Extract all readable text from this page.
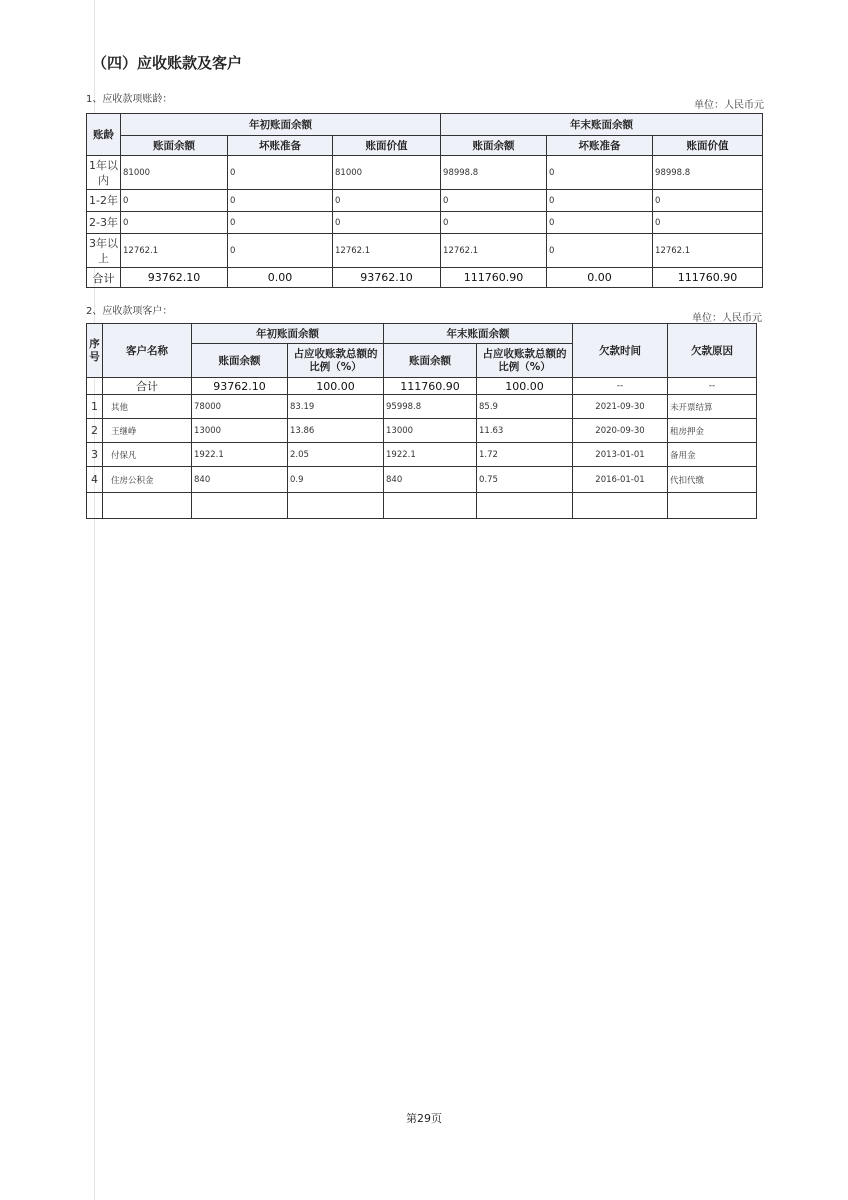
（四）应收账款及客户
1、应收款项账龄：
单位：人民币元
账龄	年初账面余额			年末账面余额		
	账面余额	坏账准备	账面价值	账面余额	坏账准备	账面价值
1年以内	81000	0	81000	98998.8	0	98998.8
1-2年	0	0	0	0	0	0
2-3年	0	0	0	0	0	0
3年以上	12762.1	0	12762.1	12762.1	0	12762.1
合计	93762.10	0.00	93762.10	111760.90	0.00	111760.90
2、应收款项客户：
单位：人民币元
序号	客户名称	年初账面余额		年末账面余额		欠款时间	欠款原因
		账面余额	占应收账款总额的比例（%）	账面余额	占应收账款总额的比例（%）		
	合计	93762.10	100.00	111760.90	100.00	--	--
1	其他	78000	83.19	95998.8	85.9	2021-09-30	未开票结算
2	王继峥	13000	13.86	13000	11.63	2020-09-30	租房押金
3	付保凡	1922.1	2.05	1922.1	1.72	2013-01-01	备用金
4	住房公积金	840	0.9	840	0.75	2016-01-01	代扣代缴

第29页
